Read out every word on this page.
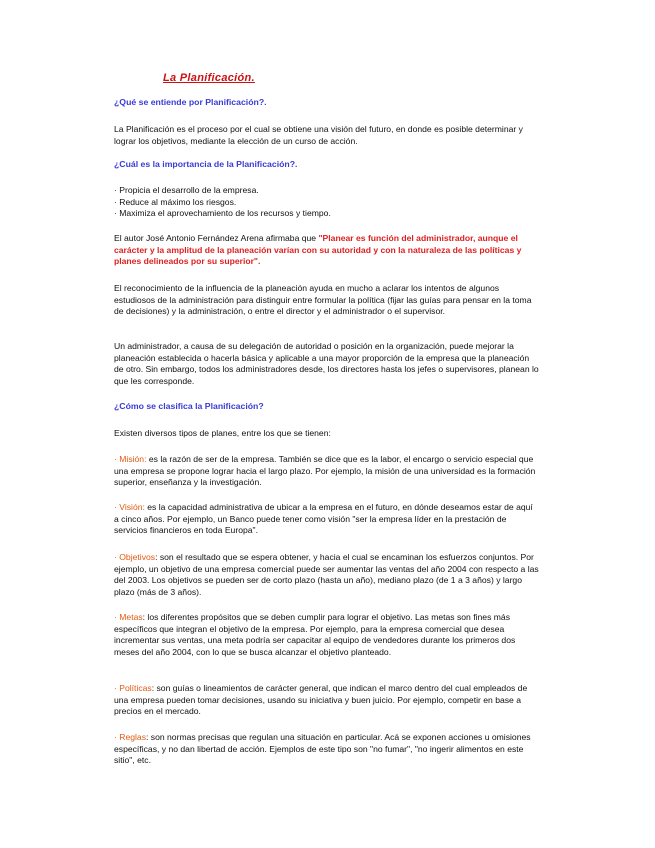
La Planificación.
¿Qué se entiende por Planificación?.
La Planificación es el proceso por el cual se obtiene una visión del futuro, en donde es posible determinar y lograr los objetivos, mediante la elección de un curso de acción.
¿Cuál es la importancia de la Planificación?.
· Propicia el desarrollo de la empresa.
· Reduce al máximo los riesgos.
· Maximiza el aprovechamiento de los recursos y tiempo.
El autor José Antonio Fernández Arena afirmaba que "Planear es función del administrador, aunque el carácter y la amplitud de la planeación varían con su autoridad y con la naturaleza de las políticas y planes delineados por su superior".
El reconocimiento de la influencia de la planeación ayuda en mucho a aclarar los intentos de algunos estudiosos de la administración para distinguir entre formular la política (fijar las guías para pensar en la toma de decisiones) y la administración, o entre el director y el administrador o el supervisor.
Un administrador, a causa de su delegación de autoridad o posición en la organización, puede mejorar la planeación establecida o hacerla básica y aplicable a una mayor proporción de la empresa que la planeación de otro. Sin embargo, todos los administradores desde, los directores hasta los jefes o supervisores, planean lo que les corresponde.
¿Cómo se clasifica la Planificación?
Existen diversos tipos de planes, entre los que se tienen:
· Misión: es la razón de ser de la empresa. También se dice que es la labor, el encargo o servicio especial que una empresa se propone lograr hacia el largo plazo. Por ejemplo, la misión de una universidad es la formación superior, enseñanza y la investigación.
· Visión: es la capacidad administrativa de ubicar a la empresa en el futuro, en dónde deseamos estar de aquí a cinco años. Por ejemplo, un Banco puede tener como visión "ser la empresa líder en la prestación de servicios financieros en toda Europa".
· Objetivos: son el resultado que se espera obtener, y hacia el cual se encaminan los esfuerzos conjuntos. Por ejemplo, un objetivo de una empresa comercial puede ser aumentar las ventas del año 2004 con respecto a las del 2003. Los objetivos se pueden ser de corto plazo (hasta un año), mediano plazo (de 1 a 3 años) y largo plazo (más de 3 años).
· Metas: los diferentes propósitos que se deben cumplir para lograr el objetivo. Las metas son fines más específicos que integran el objetivo de la empresa. Por ejemplo, para la empresa comercial que desea incrementar sus ventas, una meta podría ser capacitar al equipo de vendedores durante los primeros dos meses del año 2004, con lo que se busca alcanzar el objetivo planteado.
· Políticas: son guías o lineamientos de carácter general, que indican el marco dentro del cual empleados de una empresa pueden tomar decisiones, usando su iniciativa y buen juicio. Por ejemplo, competir en base a precios en el mercado.
· Reglas: son normas precisas que regulan una situación en particular. Acá se exponen acciones u omisiones específicas, y no dan libertad de acción. Ejemplos de este tipo son "no fumar", "no ingerir alimentos en este sitio", etc.
